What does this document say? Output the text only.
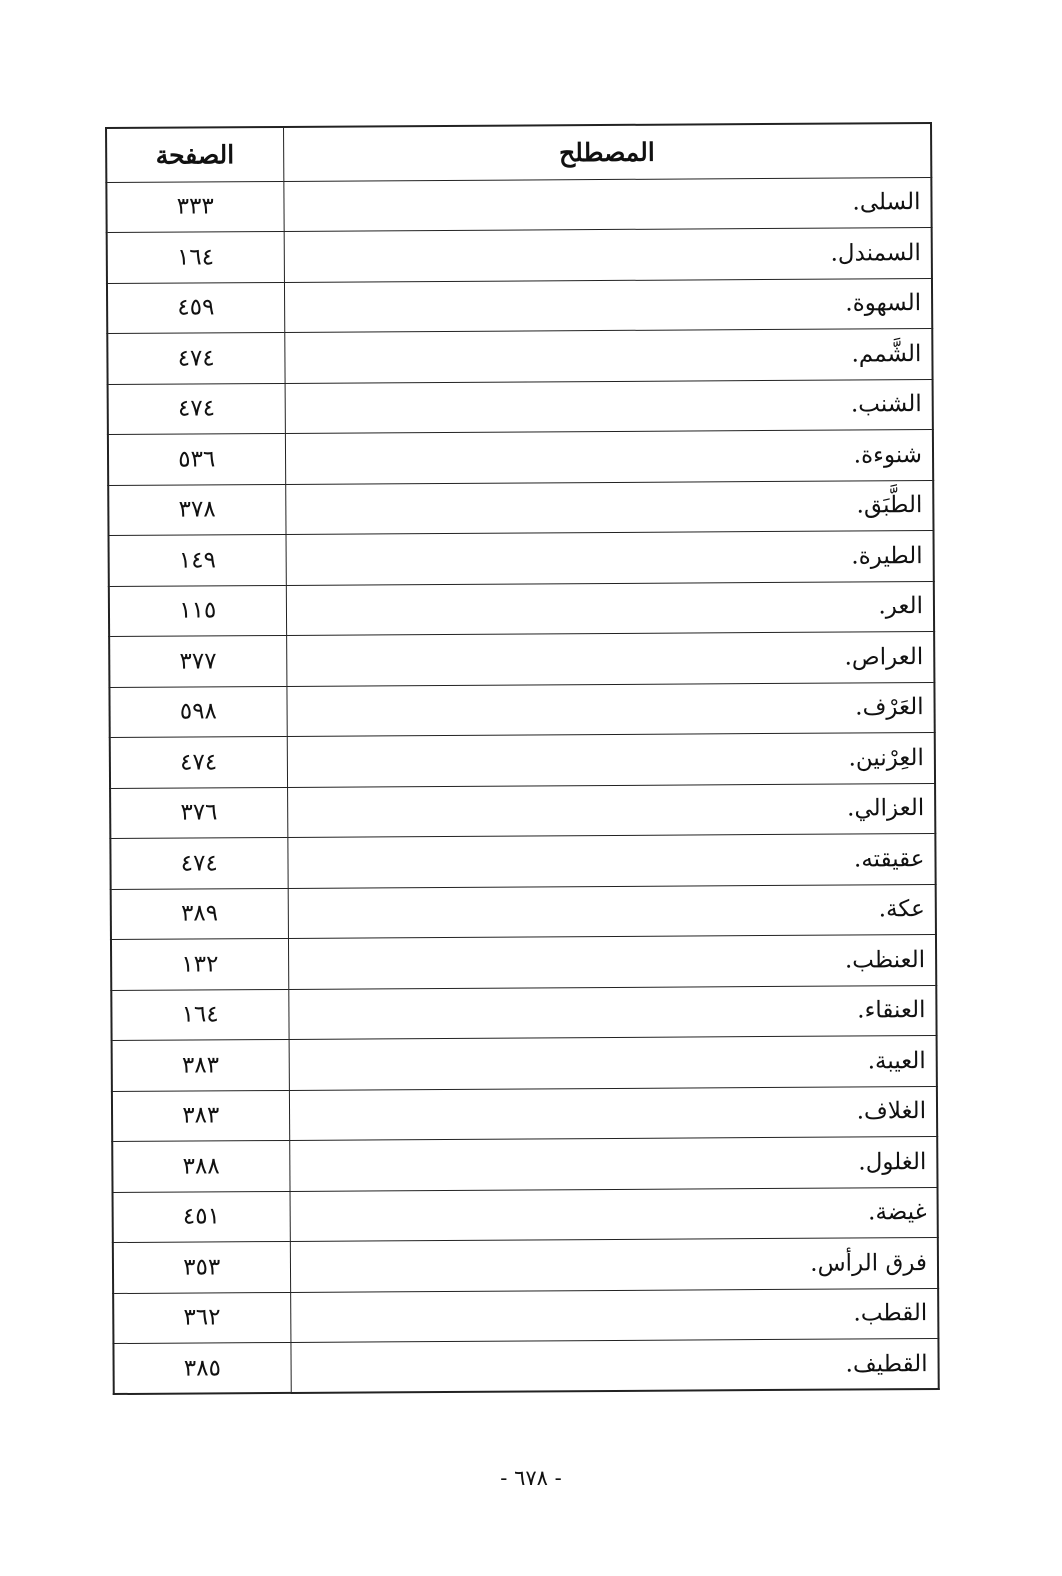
المصطلح	الصفحة
السلى.	٣٣٣
السمندل.	١٦٤
السهوة.	٤٥٩
الشَّمم.	٤٧٤
الشنب.	٤٧٤
شنوءة.	٥٣٦
الطَّبَق.	٣٧٨
الطيرة.	١٤٩
العر.	١١٥
العراص.	٣٧٧
العَرْف.	٥٩٨
العِرْنين.	٤٧٤
العزالي.	٣٧٦
عقيقته.	٤٧٤
عكة.	٣٨٩
العنظب.	١٣٢
العنقاء.	١٦٤
العيبة.	٣٨٣
الغلاف.	٣٨٣
الغلول.	٣٨٨
غيضة.	٤٥١
فرق الرأس.	٣٥٣
القطب.	٣٦٢
القطيف.	٣٨٥
- ٦٧٨ -
